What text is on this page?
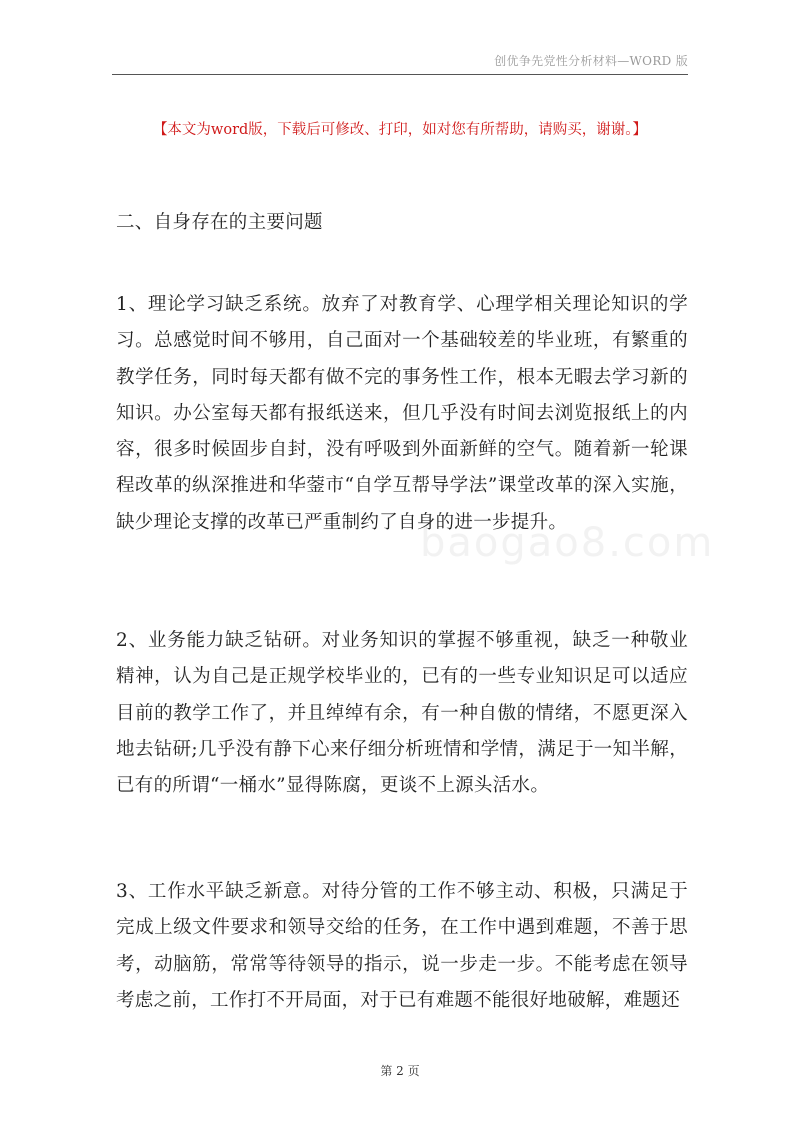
创优争先党性分析材料—WORD 版
【本文为word版，下载后可修改、打印，如对您有所帮助，请购买，谢谢。】
二、自身存在的主要问题
1、理论学习缺乏系统。放弃了对教育学、心理学相关理论知识的学习。总感觉时间不够用，自己面对一个基础较差的毕业班，有繁重的教学任务，同时每天都有做不完的事务性工作，根本无暇去学习新的知识。办公室每天都有报纸送来，但几乎没有时间去浏览报纸上的内容，很多时候固步自封，没有呼吸到外面新鲜的空气。随着新一轮课程改革的纵深推进和华蓥市“自学互帮导学法”课堂改革的深入实施，缺少理论支撑的改革已严重制约了自身的进一步提升。
2、业务能力缺乏钻研。对业务知识的掌握不够重视，缺乏一种敬业精神，认为自己是正规学校毕业的，已有的一些专业知识足可以适应目前的教学工作了，并且绰绰有余，有一种自傲的情绪，不愿更深入地去钻研;几乎没有静下心来仔细分析班情和学情，满足于一知半解，已有的所谓“一桶水”显得陈腐，更谈不上源头活水。
3、工作水平缺乏新意。对待分管的工作不够主动、积极，只满足于完成上级文件要求和领导交给的任务，在工作中遇到难题，不善于思考，动脑筋，常常等待领导的指示，说一步走一步。不能考虑在领导考虑之前，工作打不开局面，对于已有难题不能很好地破解，难题还
baogao8.com
第 2 页
